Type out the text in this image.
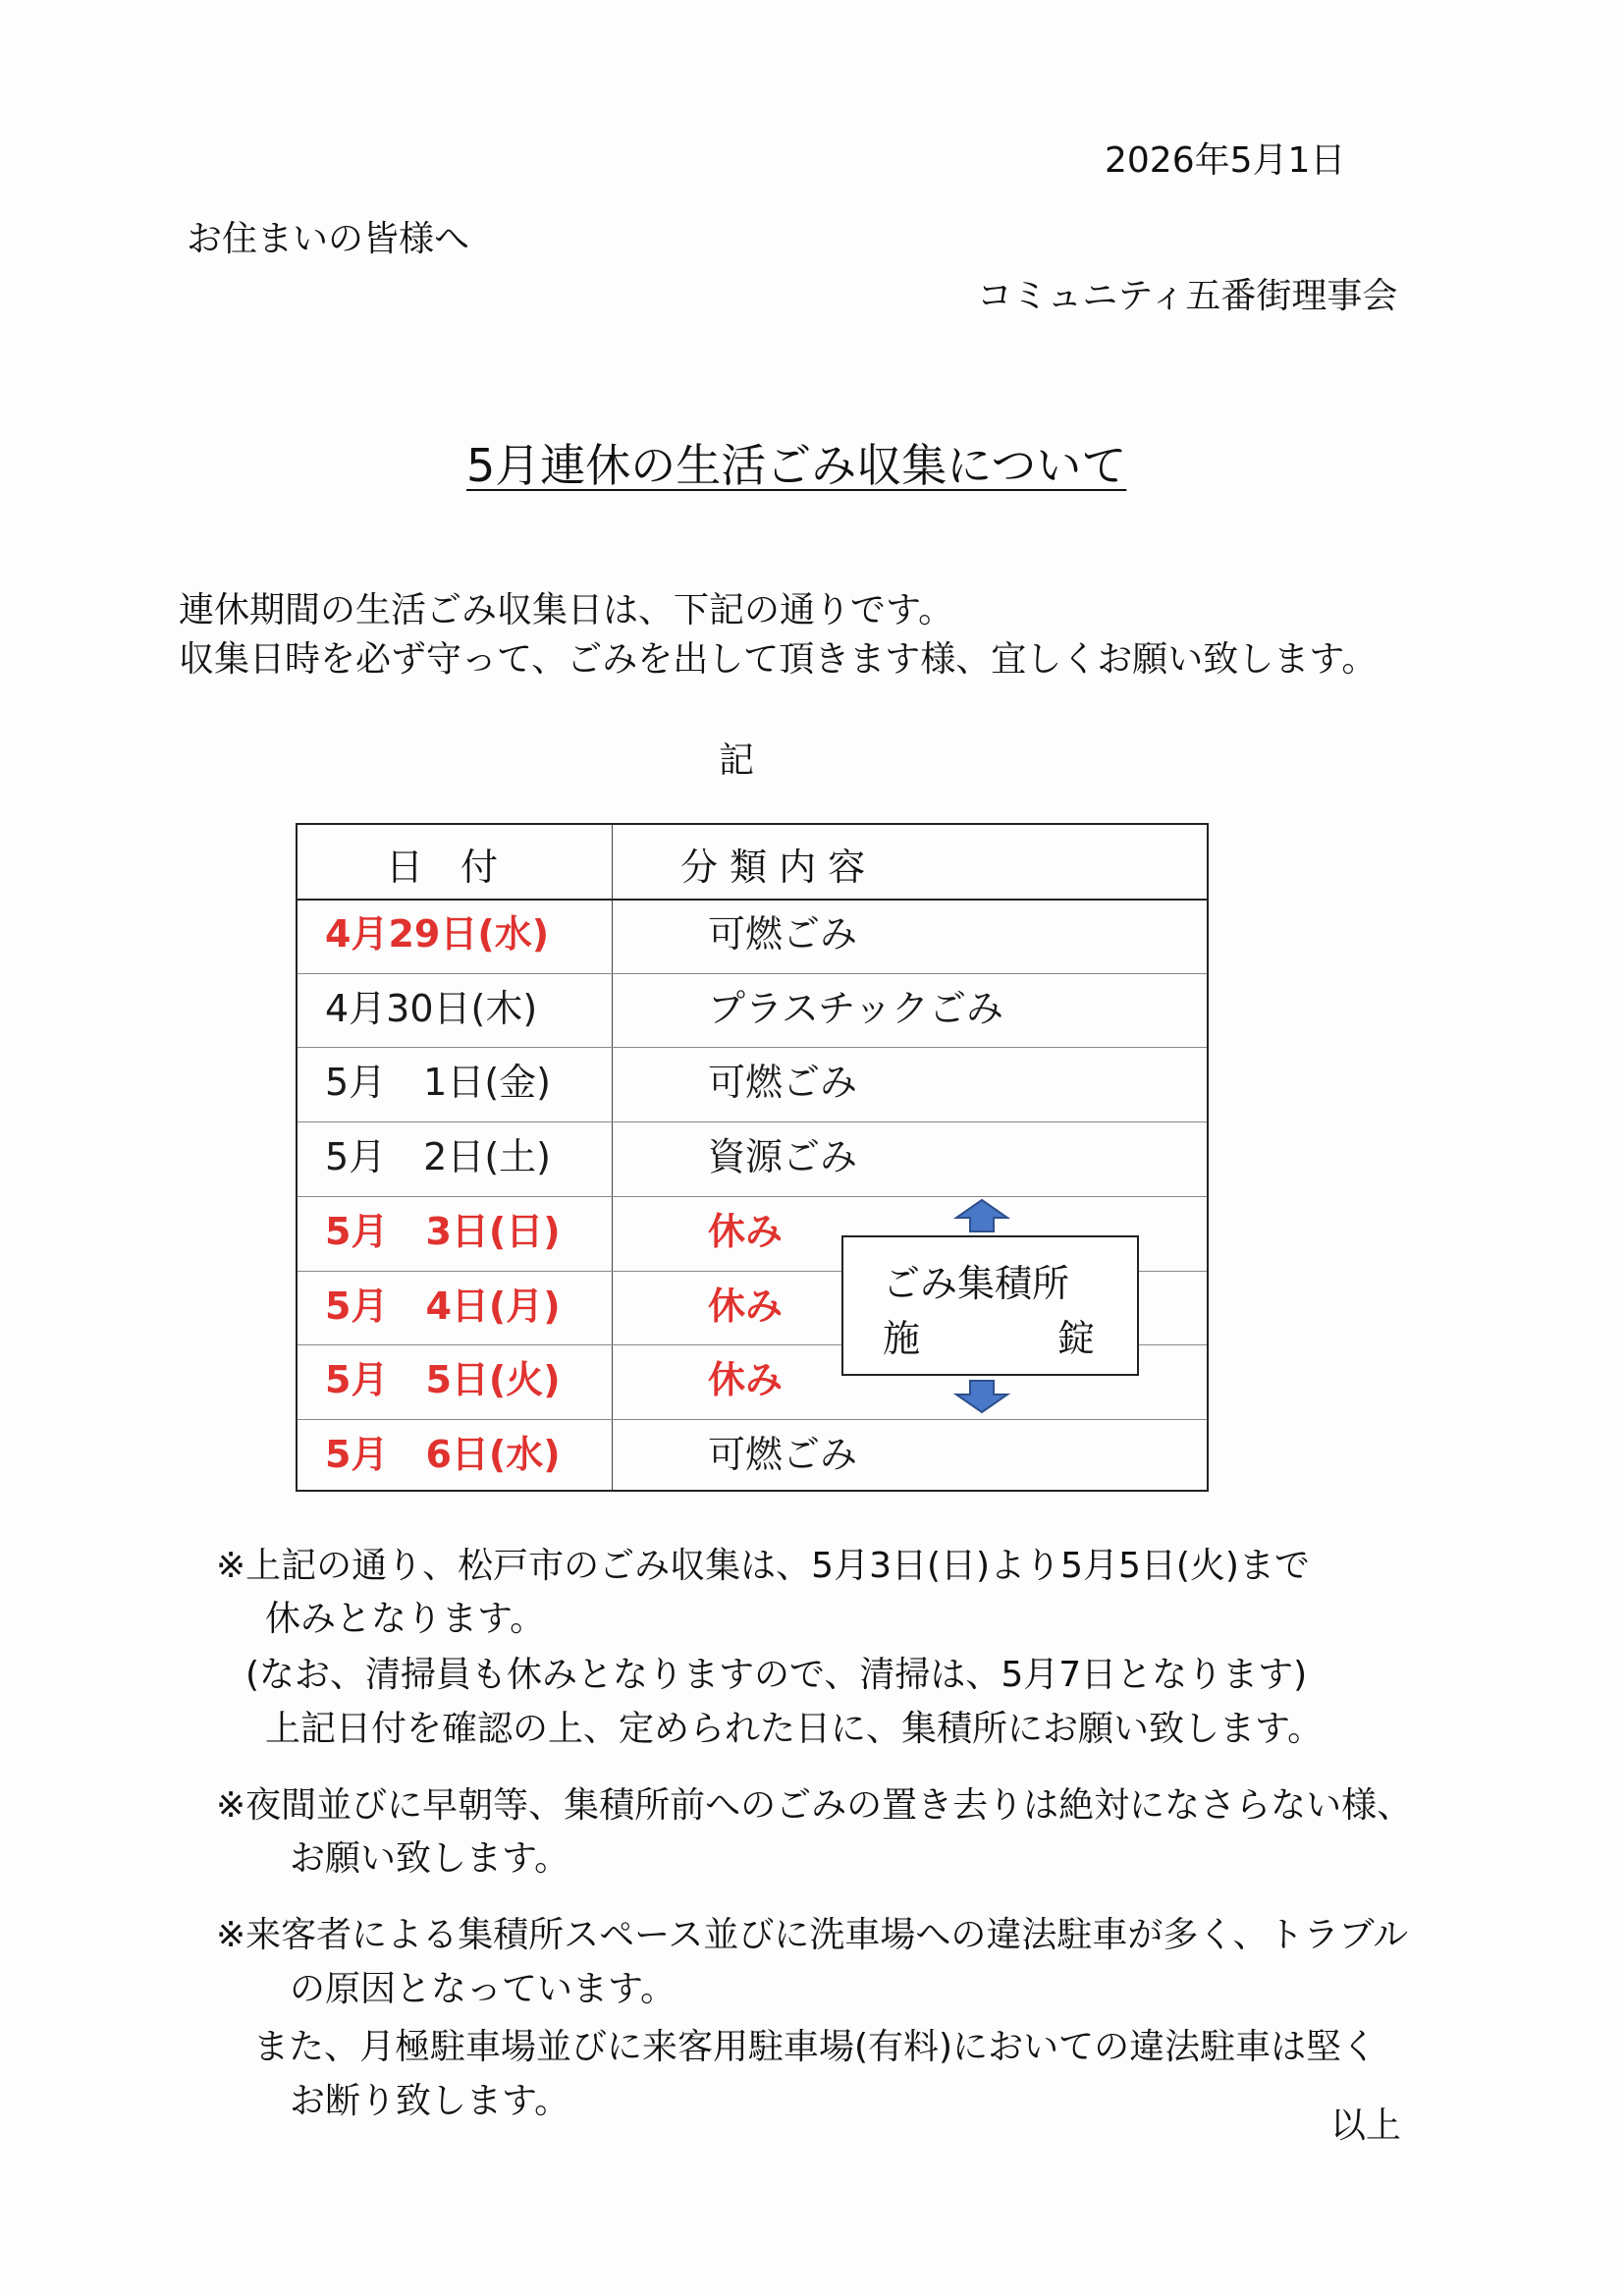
2026年5月1日
お住まいの皆様へ
コミュニティ五番街理事会
5月連休の生活ごみ収集について
連休期間の生活ごみ収集日は、下記の通りです。
収集日時を必ず守って、ごみを出して頂きます様、宜しくお願い致します。
記
日　付	分 類 内 容
4月29日(水)	可燃ごみ
4月30日(木)	プラスチックごみ
5月　1日(金)	可燃ごみ
5月　2日(土)	資源ごみ
5月　3日(日)	休み
5月　4日(月)	休み
5月　5日(火)	休み
5月　6日(水)	可燃ごみ
ごみ集積所
施	錠
※上記の通り、松戸市のごみ収集は、5月3日(日)より5月5日(火)まで
休みとなります。
(なお、清掃員も休みとなりますので、清掃は、5月7日となります)
上記日付を確認の上、定められた日に、集積所にお願い致します。
※夜間並びに早朝等、集積所前へのごみの置き去りは絶対になさらない様、
お願い致します。
※来客者による集積所スペース並びに洗車場への違法駐車が多く、トラブル
の原因となっています。
また、月極駐車場並びに来客用駐車場(有料)においての違法駐車は堅く
お断り致します。
以上
